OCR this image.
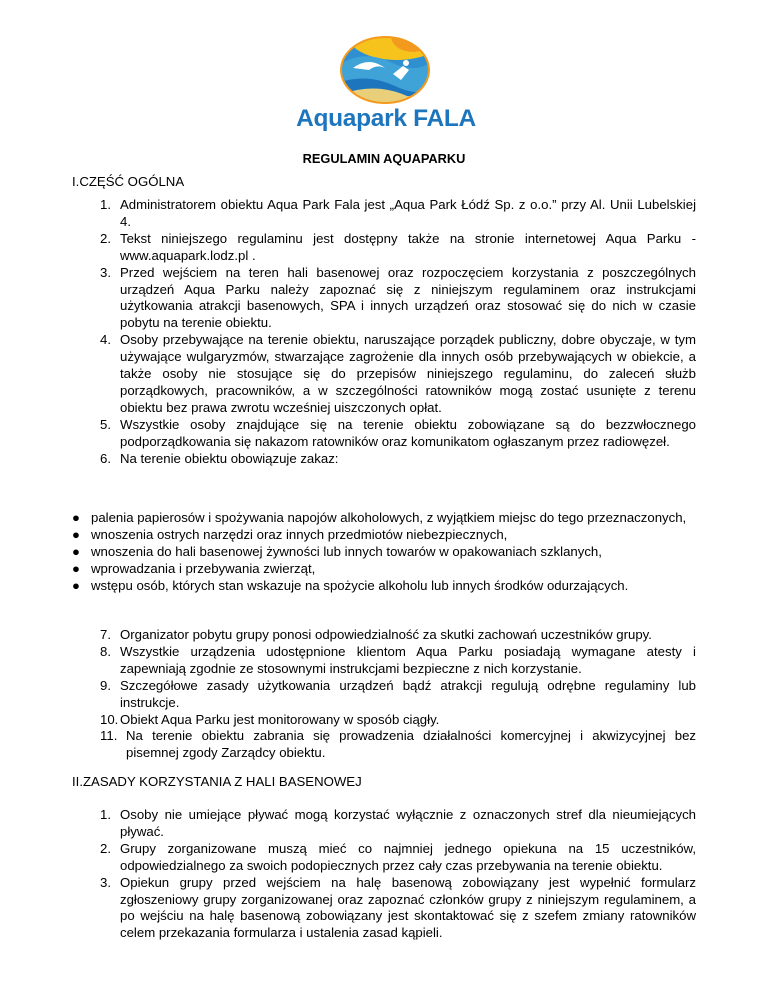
Aquapark FALA
REGULAMIN AQUAPARKU
I.CZĘŚĆ OGÓLNA
1. Administratorem obiektu Aqua Park Fala jest „Aqua Park Łódź Sp. z o.o.” przy Al. Unii Lubelskiej 4.
2. Tekst niniejszego regulaminu jest dostępny także na stronie internetowej Aqua Parku - www.aquapark.lodz.pl .
3. Przed wejściem na teren hali basenowej oraz rozpoczęciem korzystania z poszczególnych urządzeń Aqua Parku należy zapoznać się z niniejszym regulaminem oraz instrukcjami użytkowania atrakcji basenowych, SPA i innych urządzeń oraz stosować się do nich w czasie pobytu na terenie obiektu.
4. Osoby przebywające na terenie obiektu, naruszające porządek publiczny, dobre obyczaje, w tym używające wulgaryzmów, stwarzające zagrożenie dla innych osób przebywających w obiekcie, a także osoby nie stosujące się do przepisów niniejszego regulaminu, do zaleceń służb porządkowych, pracowników, a w szczególności ratowników mogą zostać usunięte z terenu obiektu bez prawa zwrotu wcześniej uiszczonych opłat.
5. Wszystkie osoby znajdujące się na terenie obiektu zobowiązane są do bezzwłocznego podporządkowania się nakazom ratowników oraz komunikatom ogłaszanym przez radiowęzeł.
6. Na terenie obiektu obowiązuje zakaz:
● palenia papierosów i spożywania napojów alkoholowych, z wyjątkiem miejsc do tego przeznaczonych,
● wnoszenia ostrych narzędzi oraz innych przedmiotów niebezpiecznych,
● wnoszenia do hali basenowej żywności lub innych towarów w opakowaniach szklanych,
● wprowadzania i przebywania zwierząt,
● wstępu osób, których stan wskazuje na spożycie alkoholu lub innych środków odurzających.
7. Organizator pobytu grupy ponosi odpowiedzialność za skutki zachowań uczestników grupy.
8. Wszystkie urządzenia udostępnione klientom Aqua Parku posiadają wymagane atesty i zapewniają zgodnie ze stosownymi instrukcjami bezpieczne z nich korzystanie.
9. Szczegółowe zasady użytkowania urządzeń bądź atrakcji regulują odrębne regulaminy lub instrukcje.
10. Obiekt Aqua Parku jest monitorowany w sposób ciągły.
11. Na terenie obiektu zabrania się prowadzenia działalności komercyjnej i akwizycyjnej bez pisemnej zgody Zarządcy obiektu.
II.ZASADY KORZYSTANIA Z HALI BASENOWEJ
1. Osoby nie umiejące pływać mogą korzystać wyłącznie z oznaczonych stref dla nieumiejących pływać.
2. Grupy zorganizowane muszą mieć co najmniej jednego opiekuna na 15 uczestników, odpowiedzialnego za swoich podopiecznych przez cały czas przebywania na terenie obiektu.
3. Opiekun grupy przed wejściem na halę basenową zobowiązany jest wypełnić formularz zgłoszeniowy grupy zorganizowanej oraz zapoznać członków grupy z niniejszym regulaminem, a po wejściu na halę basenową zobowiązany jest skontaktować się z szefem zmiany ratowników celem przekazania formularza i ustalenia zasad kąpieli.
